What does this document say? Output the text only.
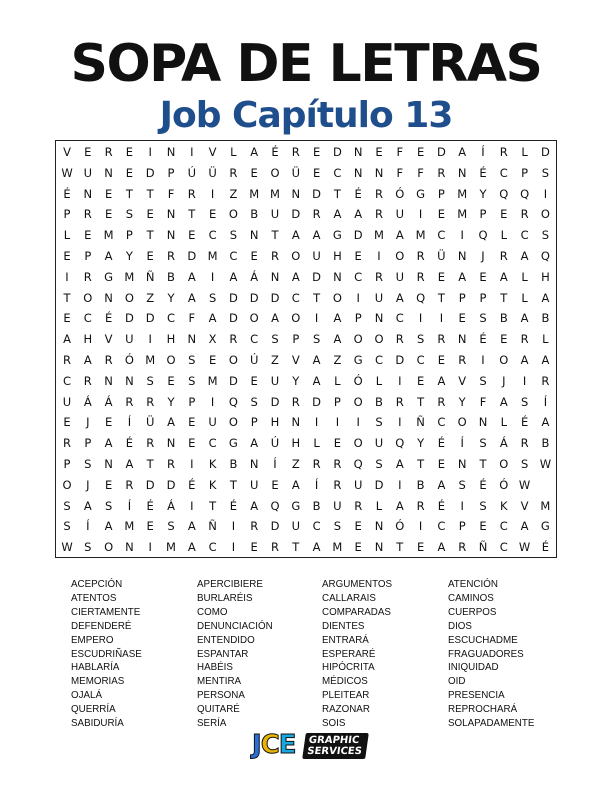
SOPA DE LETRAS
Job Capítulo 13
V	E	R	E	I	N	I	V	L	A	É	R	E	D	N	E	F	E	D	A	Í	R	L	D
W U	N	E	D	P	Ú	Ü	R	E	O	Ü	E	C	N	N	F	F	R	N	É	C	P	S
É	N	E	T	T	F	R	I	Z	M M	N	D	T	É	R	Ó	G	P	M	Y	Q	Q	I
P	R	E	S	E	N	T	E	O	B	U	D	R	A	A	R	U	I	E	M	P	E	R	O
L	E	M	P	T	N	E	C	S	N	T	A	A	G	D M	A	M	C	I	Q	L	C	S
E	P	A	Y	E	R	D M	C	E	R	O	U	H	E	I	O	R	Ü	N	J	R	A	Q
I	R	G M	Ñ	B	A	I	A	Á	N	A	D	N	C	R	U	R	E	A	E	A	L	H
T	O	N	O	Z	Y	A	S	D	D	D	C	T	O	I	U	A	Q	T	P	P	T	L	A
E	C	É	D	D	C	F	A	D	O	A	O	I	A	P	N	C	I	I	E	S	B	A	B
A	H	V	U	I	H	N	X	R	C	S	P	S	A	O	O	R	S	R	N	É	E	R	L
R	A	R	Ó M O	S	E	O	Ú	Z	V	A	Z	G	C	D	C	E	R	I	O	A	A
C	R	N	N	S	E	S	M D	E	U	Y	A	L	Ó	L	I	E	A	V	S	J	I	R
U	Á	Á	R	R	Y	P	I	Q	S	D	R	D	P	O	B	R	T	R	Y	F	A	S	Í
E	J	E	Í	Ü	A	E	U	O	P	H	N	I	I	I	S	I	Ñ	C	O	N	L	É	A
R	P	A	É	R	N	E	C	G	A	Ú	H	L	E	O	U	Q	Y	É	Í	S	Á	R	B
P	S	N	A	T	R	I	K	B	N	Í	Z	R	R	Q	S	A	T	E	N	T	O	S W
O	J	E	R	D	D	É	K	T	U	E	A	Í	R	U	D	I	B	A	S	É	Ó W
S	A	S	Í	É	Á	I	T	É	A	Q	G	B	U	R	L	A	R	É	I	S	K	V	M
S	Í	A	M	E	S	A	Ñ	I	R	D	U	C	S	E	N	Ó	I	C	P	E	C	A	G
W S	O	N	I	M	A	C	I	E	R	T	A	M	E	N	T	E	A	R	Ñ	C W É
ACEPCIÓN
ATENTOS
CIERTAMENTE
DEFENDERÉ
EMPERO
ESCUDRIÑASE
HABLARÍA
MEMORIAS
OJALÁ
QUERRÍA
SABIDURÍA
APERCIBIERE
BURLARÉIS
COMO
DENUNCIACIÓN
ENTENDIDO
ESPANTAR
HABÉIS
MENTIRA
PERSONA
QUITARÉ
SERÍA
ARGUMENTOS
CALLARAIS
COMPARADAS
DIENTES
ENTRARÁ
ESPERARÉ
HIPÓCRITA
MÉDICOS
PLEITEAR
RAZONAR
SOIS
ATENCIÓN
CAMINOS
CUERPOS
DIOS
ESCUCHADME
FRAGUADORES
INIQUIDAD
OID
PRESENCIA
REPROCHARÁ
SOLAPADAMENTE
JCE GRAPHIC
SERVICES
